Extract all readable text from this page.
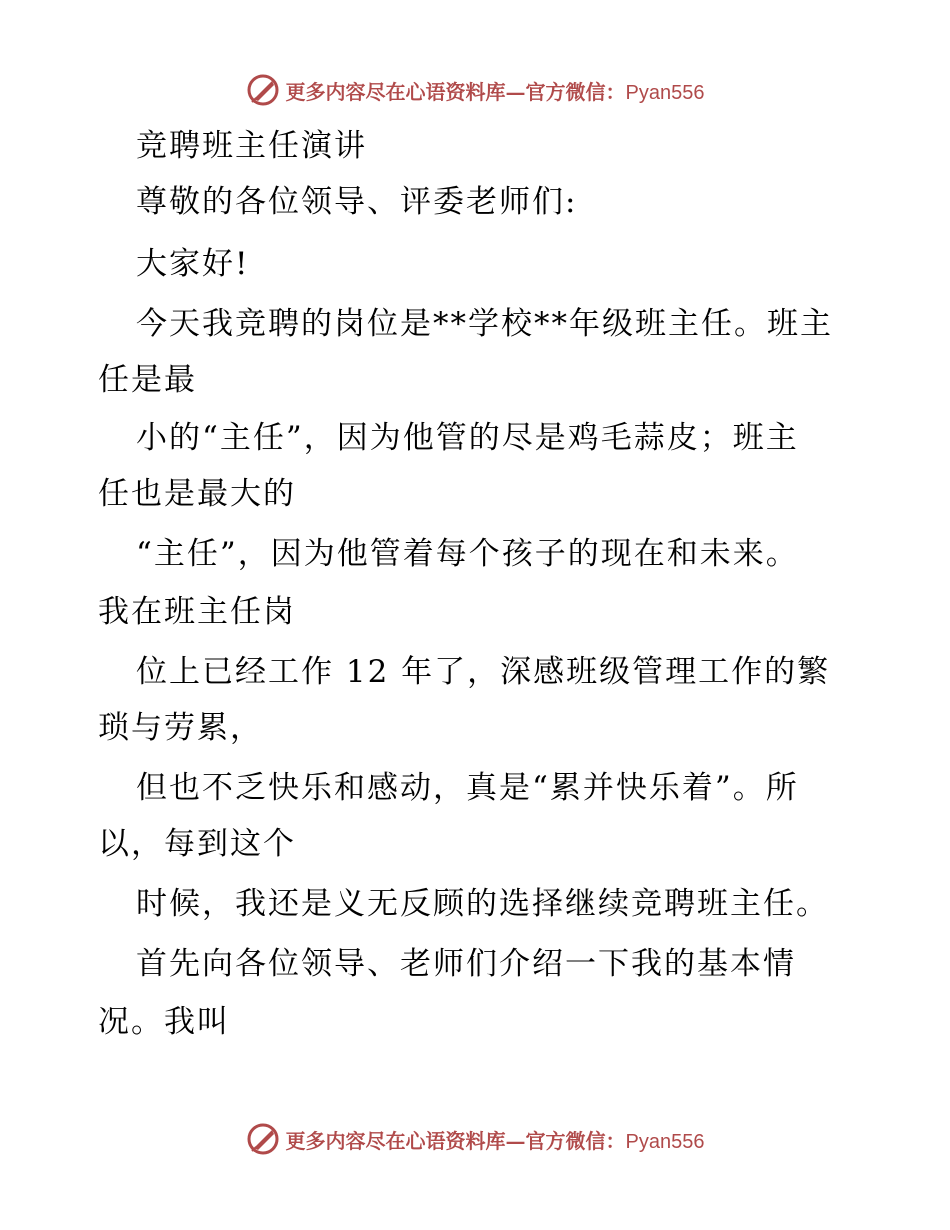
更多内容尽在心语资料库—官方微信：Pyan556
竞聘班主任演讲
尊敬的各位领导、评委老师们:
大家好!
今天我竞聘的岗位是**学校**年级班主任。班主
任是最
小的“主任”，因为他管的尽是鸡毛蒜皮；班主
任也是最大的
“主任”，因为他管着每个孩子的现在和未来。
我在班主任岗
位上已经工作 12 年了，深感班级管理工作的繁
琐与劳累，
但也不乏快乐和感动，真是“累并快乐着”。所
以，每到这个
时候，我还是义无反顾的选择继续竞聘班主任。
首先向各位领导、老师们介绍一下我的基本情
况。我叫
更多内容尽在心语资料库—官方微信：Pyan556
